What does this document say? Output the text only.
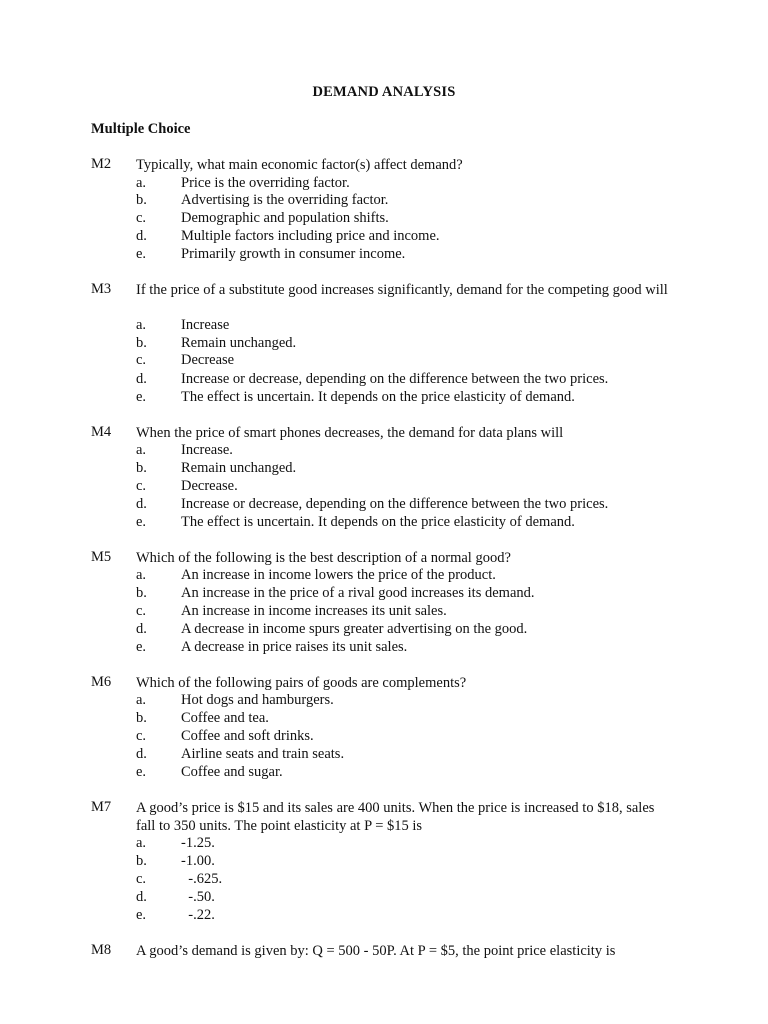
DEMAND ANALYSIS
Multiple Choice
M2	Typically, what main economic factor(s) affect demand?
a.	Price is the overriding factor.
b.	Advertising is the overriding factor.
c.	Demographic and population shifts.
d.	Multiple factors including price and income.
e.	Primarily growth in consumer income.
M3	If the price of a substitute good increases significantly, demand for the competing good will
a.	Increase
b.	Remain unchanged.
c.	Decrease
d.	Increase or decrease, depending on the difference between the two prices.
e.	The effect is uncertain. It depends on the price elasticity of demand.
M4	When the price of smart phones decreases, the demand for data plans will
a.	Increase.
b.	Remain unchanged.
c.	Decrease.
d.	Increase or decrease, depending on the difference between the two prices.
e.	The effect is uncertain. It depends on the price elasticity of demand.
M5	Which of the following is the best description of a normal good?
a.	An increase in income lowers the price of the product.
b.	An increase in the price of a rival good increases its demand.
c.	An increase in income increases its unit sales.
d.	A decrease in income spurs greater advertising on the good.
e.	A decrease in price raises its unit sales.
M6	Which of the following pairs of goods are complements?
a.	Hot dogs and hamburgers.
b.	Coffee and tea.
c.	Coffee and soft drinks.
d.	Airline seats and train seats.
e.	Coffee and sugar.
M7	A good’s price is $15 and its sales are 400 units. When the price is increased to $18, sales fall to 350 units. The point elasticity at P = $15 is
a.	-1.25.
b.	-1.00.
c.	-.625.
d.	-.50.
e.	-.22.
M8	A good’s demand is given by: Q = 500 - 50P. At P = $5, the point price elasticity is
